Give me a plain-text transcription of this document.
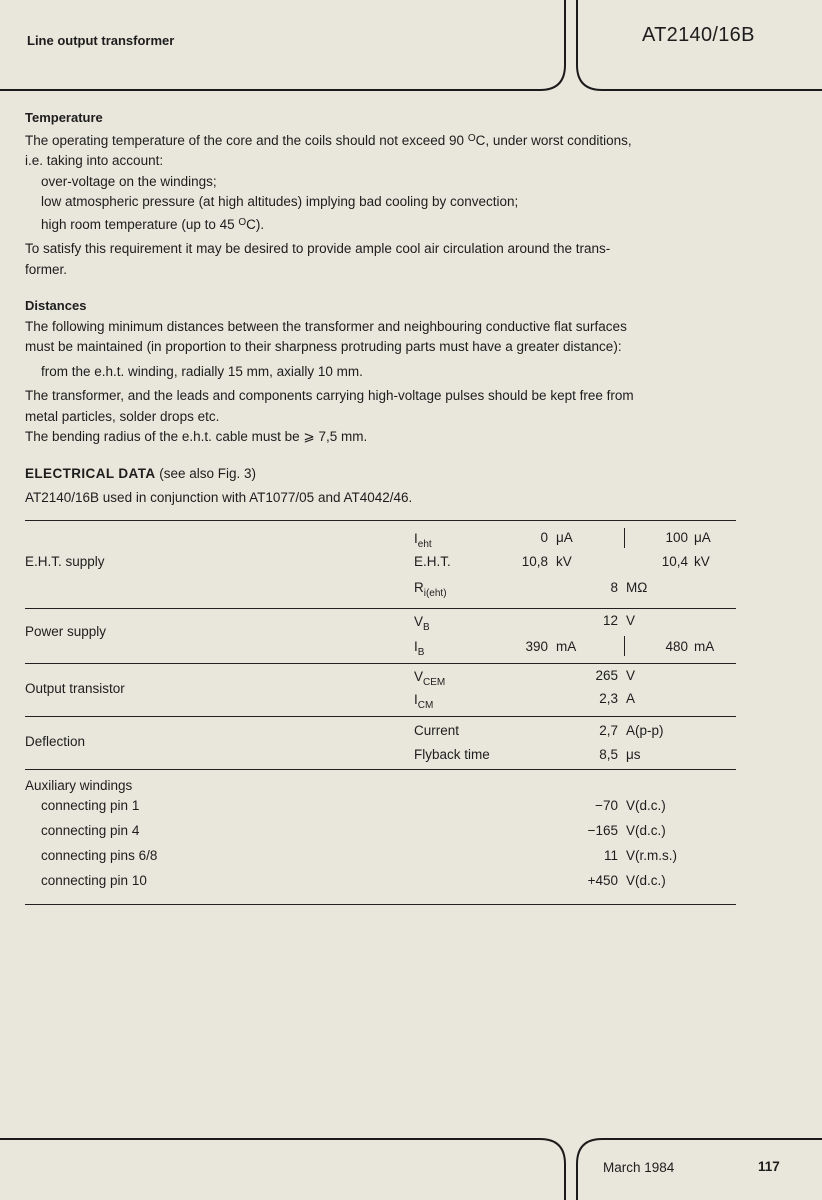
Line output transformer	AT2140/16B
Temperature
The operating temperature of the core and the coils should not exceed 90 $^O$C, under worst conditions,
i.e. taking into account:
over-voltage on the windings;
low atmospheric pressure (at high altitudes) implying bad cooling by convection;
high room temperature (up to 45 $^O$C).
To satisfy this requirement it may be desired to provide ample cool air circulation around the trans-
former.
Distances
The following minimum distances between the transformer and neighbouring conductive flat surfaces
must be maintained (in proportion to their sharpness protruding parts must have a greater distance):
from the e.h.t. winding, radially 15 mm, axially 10 mm.
The transformer, and the leads and components carrying high-voltage pulses should be kept free from
metal particles, solder drops etc.
The bending radius of the e.h.t. cable must be ⩾ 7,5 mm.
ELECTRICAL DATA (see also Fig. 3)
AT2140/16B used in conjunction with AT1077/05 and AT4042/46.
E.H.T. supply
$I_{eht}$	0 μA	100 μA
E.H.T.	10,8 kV	10,4 kV
$R_{i(eht)}$	8 MΩ
Power supply
$V_B$	12 V
$I_B$	390 mA	480 mA
Output transistor
$V_{CEM}$	265 V
$I_{CM}$	2,3 A
Deflection
Current	2,7 A(p-p)
Flyback time	8,5 μs
Auxiliary windings
connecting pin 1	−70 V(d.c.)
connecting pin 4	−165 V(d.c.)
connecting pins 6/8	11 V(r.m.s.)
connecting pin 10	+450 V(d.c.)
March 1984	117
